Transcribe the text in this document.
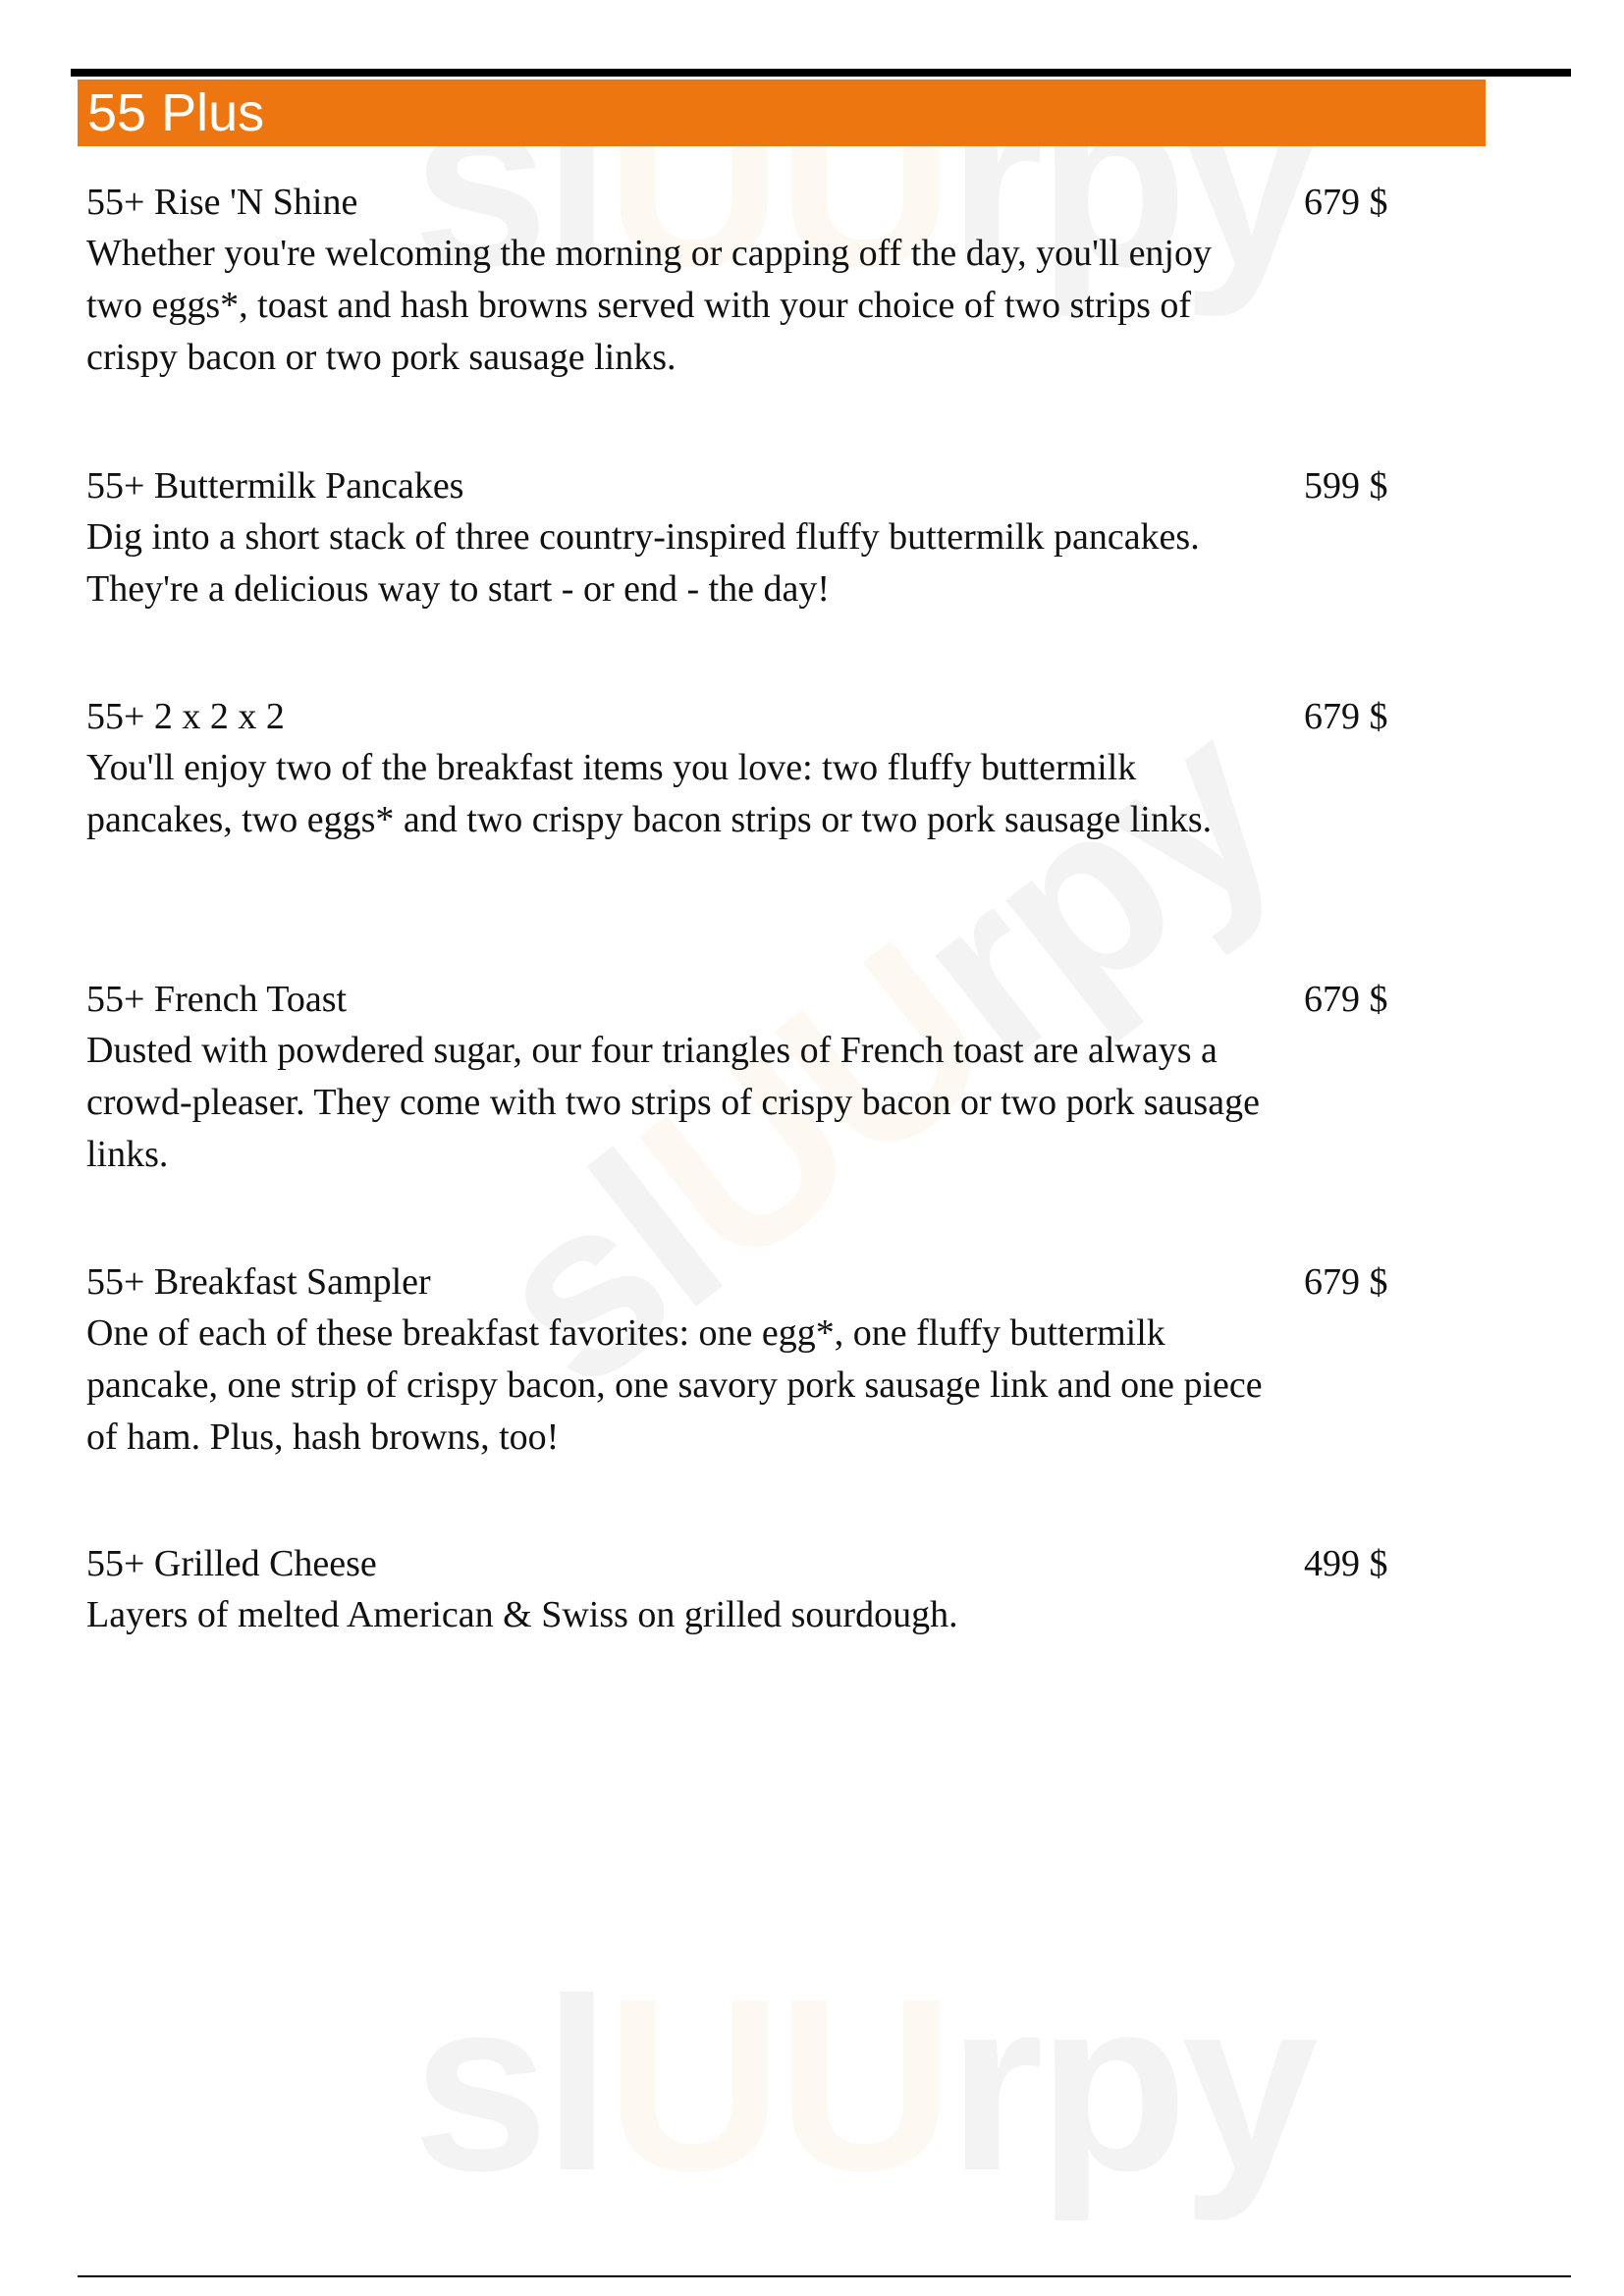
55 Plus
55+ Rise 'N Shine
Whether you're welcoming the morning or capping off the day, you'll enjoy two eggs*, toast and hash browns served with your choice of two strips of crispy bacon or two pork sausage links.
679 $
55+ Buttermilk Pancakes
Dig into a short stack of three country-inspired fluffy buttermilk pancakes. They're a delicious way to start - or end - the day!
599 $
55+ 2 x 2 x 2
You'll enjoy two of the breakfast items you love: two fluffy buttermilk pancakes, two eggs* and two crispy bacon strips or two pork sausage links.
679 $
55+ French Toast
Dusted with powdered sugar, our four triangles of French toast are always a crowd-pleaser. They come with two strips of crispy bacon or two pork sausage links.
679 $
55+ Breakfast Sampler
One of each of these breakfast favorites: one egg*, one fluffy buttermilk pancake, one strip of crispy bacon, one savory pork sausage link and one piece of ham. Plus, hash browns, too!
679 $
55+ Grilled Cheese
Layers of melted American & Swiss on grilled sourdough.
499 $
